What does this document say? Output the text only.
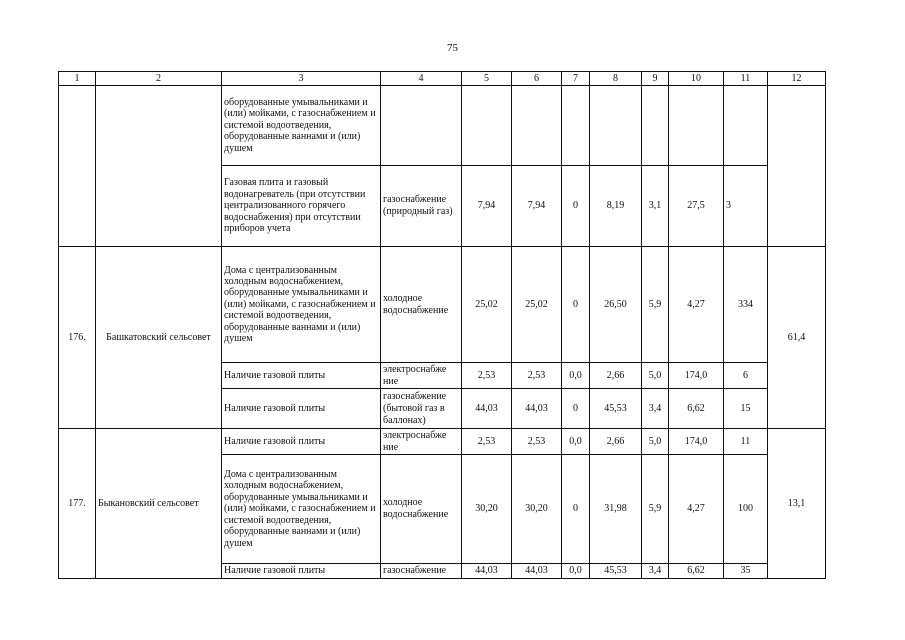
75
1	2	3	4	5	6	7	8	9	10	11	12
		оборудованные умывальниками и (или) мойками, с газоснабжением и системой водоотведения, оборудованные ваннами и (или) душем									
		Газовая плита и газовый водонагреватель (при отсутствии централизованного горячего водоснабжения) при отсутствии приборов учета	газоснабжение (природный газ)	7,94	7,94	0	8,19	3,1	27,5	3	
176.	Башкатовский сельсовет	Дома с централизованным холодным водоснабжением, оборудованные умывальниками и (или) мойками, с газоснабжением и системой водоотведения, оборудованные ваннами и (или) душем	холодное водоснабжение	25,02	25,02	0	26,50	5,9	4,27	334	61,4
		Наличие газовой плиты	электроснабже ние	2,53	2,53	0,0	2,66	5,0	174,0	6	
		Наличие газовой плиты	газоснабжение (бытовой газ в баллонах)	44,03	44,03	0	45,53	3,4	6,62	15	
177.	Быкановский сельсовет	Наличие газовой плиты	электроснабже ние	2,53	2,53	0,0	2,66	5,0	174,0	11	13,1
		Дома с централизованным холодным водоснабжением, оборудованные умывальниками и (или) мойками, с газоснабжением и системой водоотведения, оборудованные ваннами и (или) душем	холодное водоснабжение	30,20	30,20	0	31,98	5,9	4,27	100	
		Наличие газовой плиты	газоснабжение	44,03	44,03	0,0	45,53	3,4	6,62	35	
